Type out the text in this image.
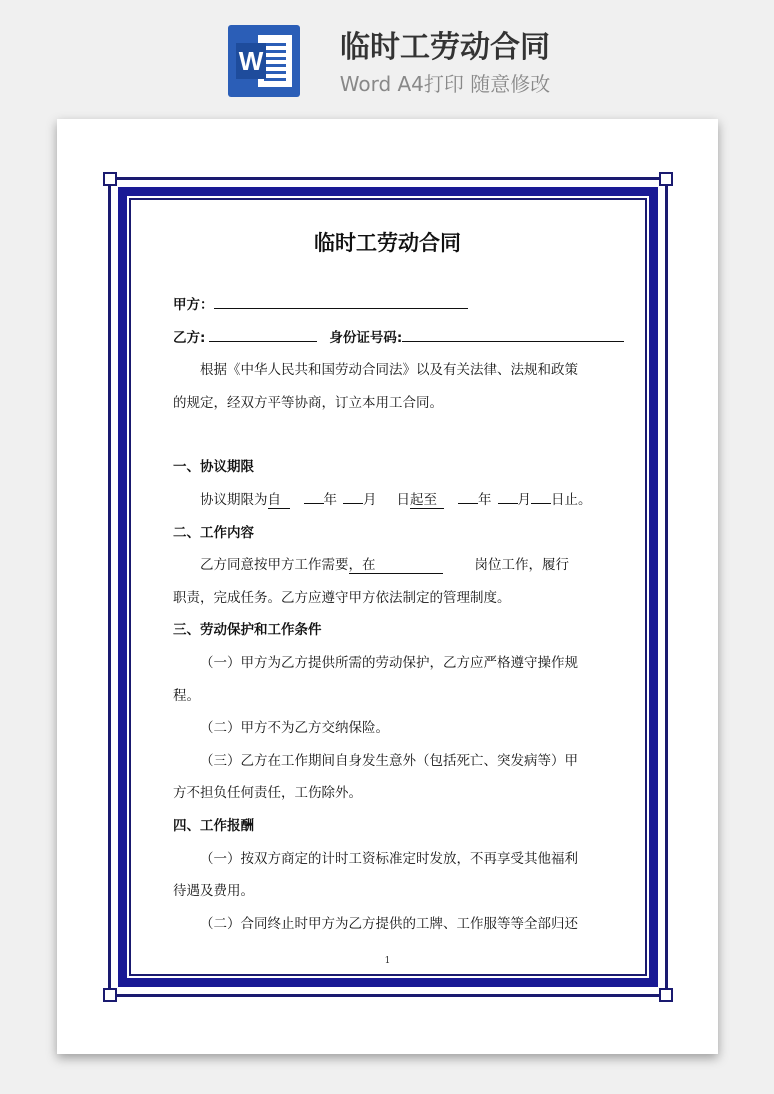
W	临时工劳动合同
Word A4打印 随意修改
临时工劳动合同
甲方：
乙方:	身份证号码:
根据《中华人民共和国劳动合同法》以及有关法律、法规和政策
的规定，经双方平等协商，订立本用工合同。
一、协议期限
协议期限为自	年 月 日起至	年 月 日止。
二、工作内容
乙方同意按甲方工作需要，在	岗位工作，履行
职责，完成任务。乙方应遵守甲方依法制定的管理制度。
三、劳动保护和工作条件
（一）甲方为乙方提供所需的劳动保护，乙方应严格遵守操作规
程。
（二）甲方不为乙方交纳保险。
（三）乙方在工作期间自身发生意外（包括死亡、突发病等）甲
方不担负任何责任，工伤除外。
四、工作报酬
（一）按双方商定的计时工资标准定时发放，不再享受其他福利
待遇及费用。
（二）合同终止时甲方为乙方提供的工牌、工作服等等全部归还
1
